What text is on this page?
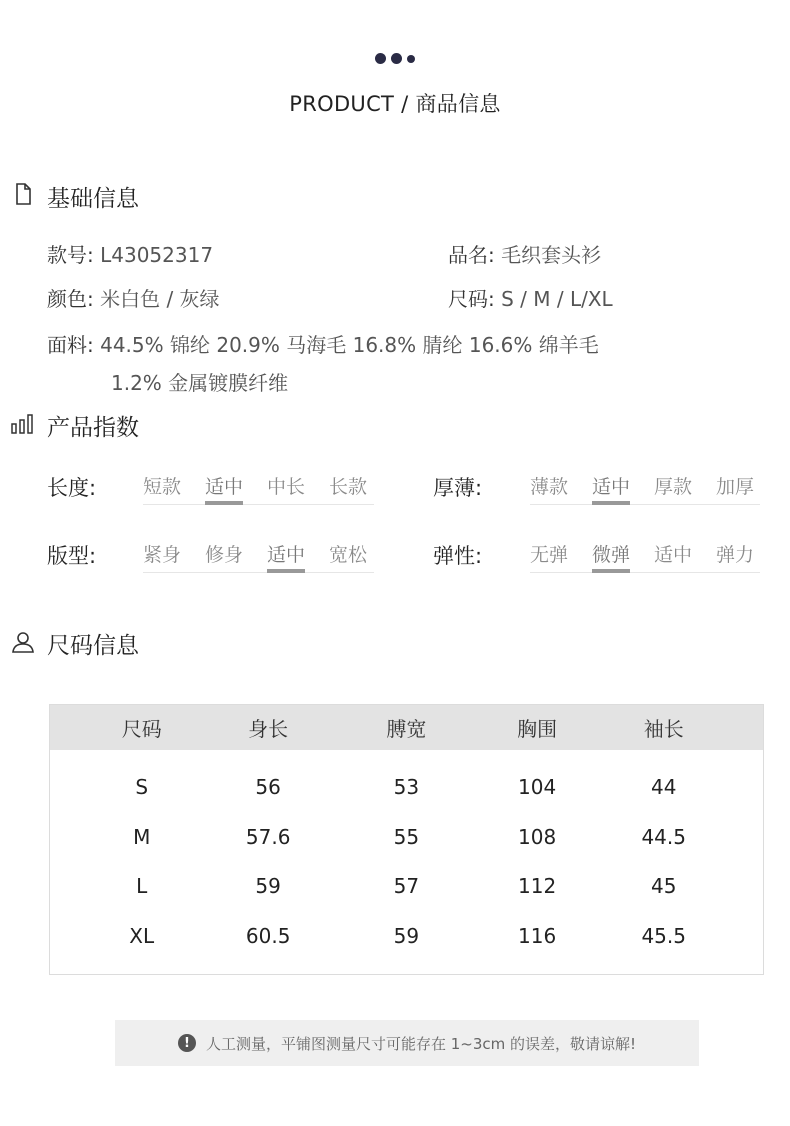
PRODUCT / 商品信息
基础信息
款号: L43052317	品名: 毛织套头衫
颜色: 米白色 / 灰绿	尺码: S / M / L/XL
面料: 44.5% 锦纶 20.9% 马海毛 16.8% 腈纶 16.6% 绵羊毛
1.2% 金属镀膜纤维
产品指数
长度: 短款	适中	中长	长款	厚薄:	薄款	适中	厚款	加厚
版型: 紧身	修身	适中	宽松	弹性:	无弹	微弹	适中	弹力
尺码信息
尺码	身长	膊宽	胸围	袖长
S	56	53	104	44
M	57.6	55	108	44.5
L	59	57	112	45
XL	60.5	59	116	45.5
!	人工测量，平铺图测量尺寸可能存在 1~3cm 的误差，敬请谅解!
